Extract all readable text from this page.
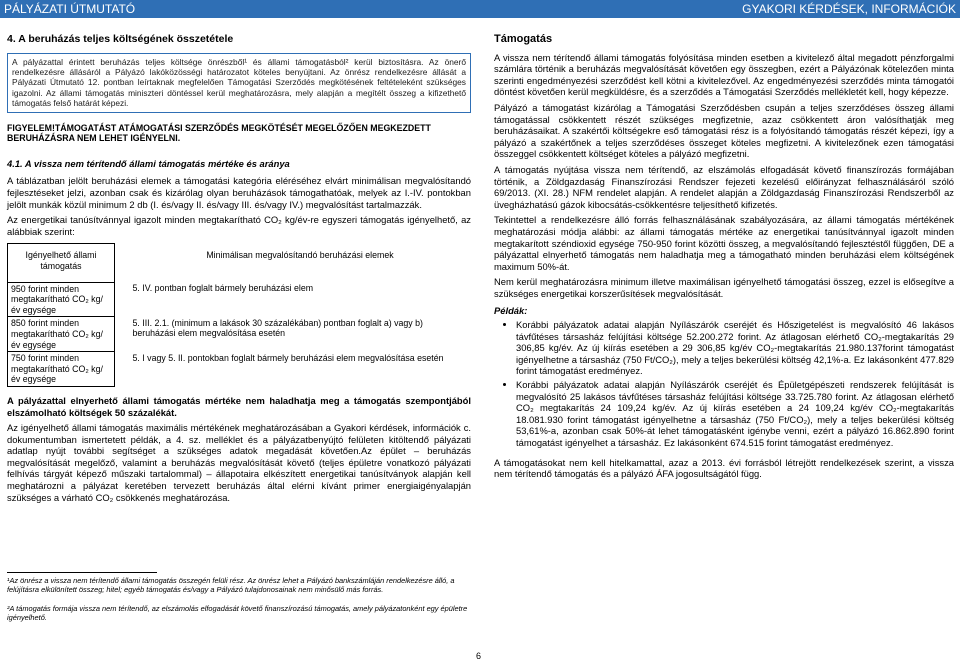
PÁLYÁZATI ÚTMUTATÓ	GYAKORI KÉRDÉSEK, INFORMÁCIÓK
4. A beruházás teljes költségének összetétele

A pályázattal érintett beruházás teljes költsége önrészből¹ és állami támogatásból² kerül biztosításra. Az önerő rendelkezésre állásáról a Pályázó lakóközösségi határozatot köteles benyújtani. Az önrész rendelkezésre állását a Pályázati Útmutató 12. pontban leírtaknak megfelelően Támogatási Szerződés megkötésének feltételeként szükséges igazolni. Az állami támogatás miniszteri döntéssel kerül meghatározásra, mely alapján a megítélt összeg a kifizethető támogatás felső határát képezi.

FIGYELEM!TÁMOGATÁST ATÁMOGATÁSI SZERZŐDÉS MEGKÖTÉSÉT MEGELŐZŐEN MEGKEZDETT BERUHÁZÁSRA NEM LEHET IGÉNYELNI.
4.1. A vissza nem térítendő állami támogatás mértéke és aránya

A táblázatban jelölt beruházási elemek a támogatási kategória eléréséhez elvárt minimálisan megvalósítandó fejlesztéseket jelzi, azonban csak és kizárólag olyan beruházások támogathatóak, melyek az I.-IV. pontokban jelölt munkák közül minimum 2 db (I. és/vagy II. és/vagy III. és/vagy IV.) megvalósítást tartalmazzák.

Az energetikai tanúsítvánnyal igazolt minden megtakarítható CO₂ kg/év-re egyszeri támogatás igényelhető, az alábbiak szerint:

Igényelhető állami támogatás		Minimálisan megvalósítandó beruházási elemek
950 forint minden megtakarítható CO₂ kg/év egysége		5. IV. pontban foglalt bármely beruházási elem
850 forint minden megtakarítható CO₂ kg/év egysége		5. III. 2.1. (minimum a lakások 30 százalékában) pontban foglalt a) vagy b) beruházási elem megvalósítása esetén
750 forint minden megtakarítható CO₂ kg/év egysége		5. I vagy 5. II. pontokban foglalt bármely beruházási elem megvalósítása esetén

A pályázattal elnyerhető állami támogatás mértéke nem haladhatja meg a támogatás szempontjából elszámolható költségek 50 százalékát.

Az igényelhető állami támogatás maximális mértékének meghatározásában a Gyakori kérdések, információk c. dokumentumban ismertetett példák, a 4. sz. melléklet és a pályázatbenyújtó felületen kitöltendő pályázati adatlap nyújt további segítséget a szükséges adatok megadását követően.Az épület – beruházás megvalósítását megelőző, valamint a beruházás megvalósítását követő (teljes épületre vonatkozó pályázati felhívás tárgyát képező műszaki tartalommal) – állapotaira elkészített energetikai tanúsítványok alapján kell meghatározni a pályázat keretében tervezett beruházás által elérni kívánt primer energiaigényalapján szükséges a várható CO₂ csökkenés meghatározása.

¹Az önrész a vissza nem térítendő állami támogatás összegén felüli rész. Az önrész lehet a Pályázó bankszámláján rendelkezésre álló, a felújításra elkülönített összeg; hitel; egyéb támogatás és/vagy a Pályázó tulajdonosainak nem minősülő más forrás.
²A támogatás formája vissza nem térítendő, az elszámolás elfogadását követő finanszírozású támogatás, amely pályázatonként egy épületre igényelhető.
Támogatás

A vissza nem térítendő állami támogatás folyósítása minden esetben a kivitelező által megadott pénzforgalmi számlára történik a beruházás megvalósítását követően egy összegben, ezért a Pályázónak kötelezően minta szerinti engedményezési szerződést kell kötni a kivitelezővel. Az engedményezési szerződés minta támogatói döntést követően kerül megküldésre, és a szerződés a Támogatási Szerződés mellékletét kell, hogy képezze.

Pályázó a támogatást kizárólag a Támogatási Szerződésben csupán a teljes szerződéses összeg állami támogatással csökkentett részét szükséges megfizetnie, azaz csökkentett áron valósíthatják meg beruházásaikat. A szakértői költségekre eső támogatási rész is a folyósítandó támogatás részét képezi, így a pályázó a szakértőnek a teljes szerződéses összeget köteles megfizetni. A kivitelezőnek ezen támogatási összeggel csökkentett költséget köteles a pályázó megfizetni.

A támogatás nyújtása vissza nem térítendő, az elszámolás elfogadását követő finanszírozás formájában történik, a Zöldgazdaság Finanszírozási Rendszer fejezeti kezelésű előirányzat felhasználásáról szóló 69/2013. (XI. 28.) NFM rendelet alapján. A rendelet alapján a Zöldgazdaság Finanszírozási Rendszerből az üvegházhatású gázok kibocsátás-csökkentésre teljesíthető kifizetés.

Tekintettel a rendelkezésre álló forrás felhasználásának szabályozására, az állami támogatás mértékének meghatározási módja alábbi: az állami támogatás mértéke az energetikai tanúsítvánnyal igazolt minden megtakarított széndioxid egysége 750-950 forint közötti összeg, a megvalósítandó fejlesztéstől függően, DE a pályázattal elnyerhető támogatás nem haladhatja meg a támogatható minden beruházási elem költségének maximum 50%-át.

Nem kerül meghatározásra minimum illetve maximálisan igényelhető támogatási összeg, ezzel is elősegítve a szükséges energetikai korszerűsítések megvalósítását.

Példák:
• Korábbi pályázatok adatai alapján Nyílászárók cseréjét és Hőszigetelést is megvalósító 46 lakásos távfűtéses társasház felújítási költsége 52.200.272 forint. Az átlagosan elérhető CO₂-megtakarítás 29 306,85 kg/év. Az új kiírás esetében a 29 306,85 kg/év CO₂-megtakarítás 21.980.137forint támogatást igényelhetne a társasház (750 Ft/CO₂), mely a teljes bekerülési költség 42,1%-a. Ez lakásonként 477.829 forint támogatást eredményez.
• Korábbi pályázatok adatai alapján Nyílászárók cseréjét és Épületgépészeti rendszerek felújítását is megvalósító 25 lakásos távfűtéses társasház felújítási költsége 33.725.780 forint. Az átlagosan elérhető CO₂ megtakarítás 24 109,24 kg/év. Az új kiírás esetében a 24 109,24 kg/év CO₂-megtakarítás 18.081.930 forint támogatást igényelhetne a társasház (750 Ft/CO₂), mely a teljes bekerülési költség 53,61%-a, azonban csak 50%-át lehet támogatásként igénybe venni, ezért a pályázó 16.862.890 forint támogatást igényelhet a társasház. Ez lakásonként 674.515 forint támogatást eredményez.

A támogatásokat nem kell hitelkamattal, azaz a 2013. évi forrásból létrejött rendelkezések szerint, a vissza nem térítendő támogatás és a pályázó ÁFA jogosultságától függ.

6
